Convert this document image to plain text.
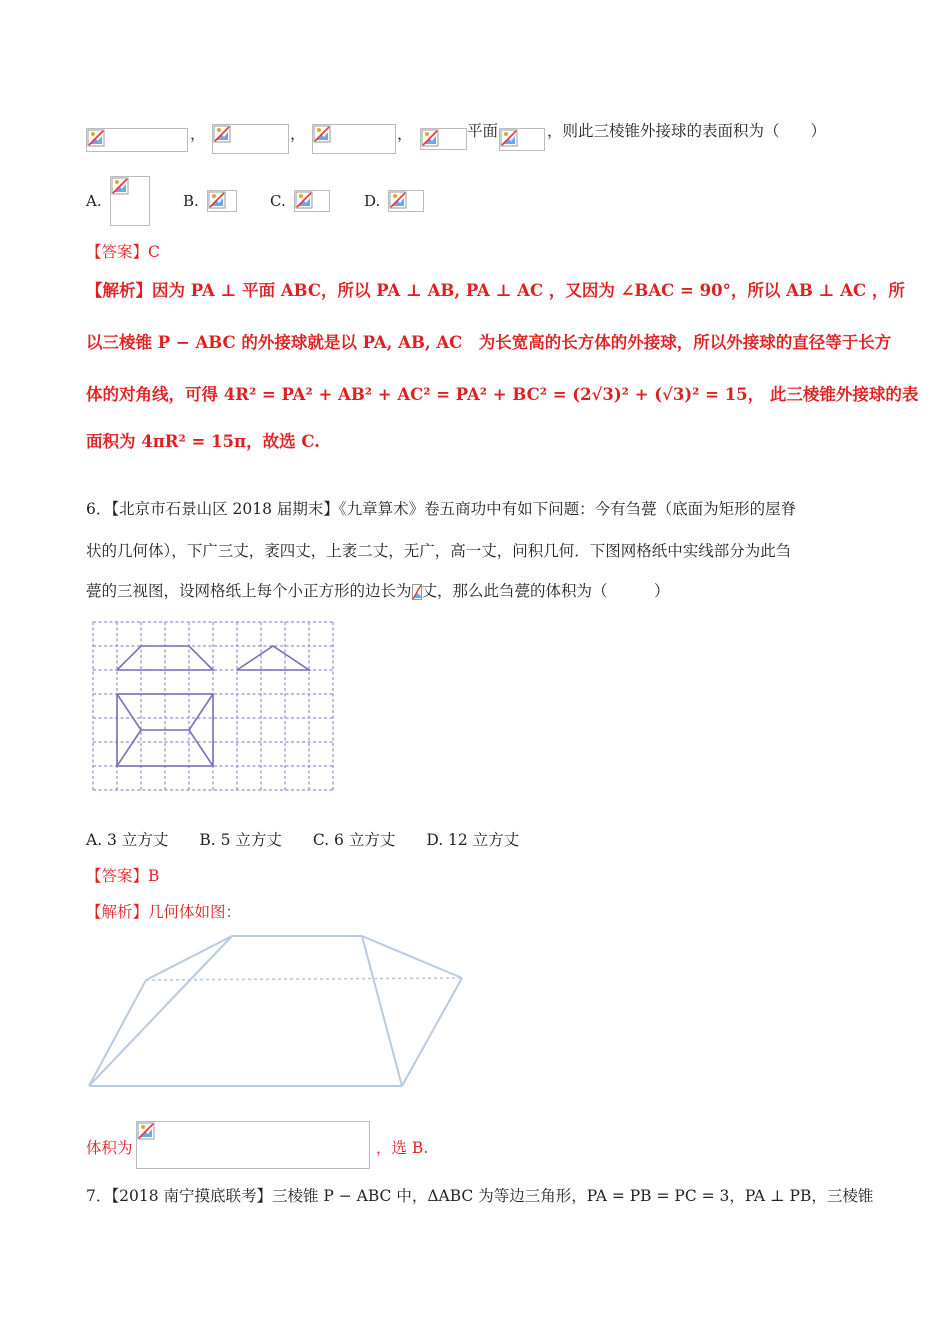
，	，	，	平面	，则此三棱锥外接球的表面积为（　　）
A.	B.	C.	D.
【答案】C
【解析】因为 PA ⊥ 平面 ABC，所以 PA ⊥ AB, PA ⊥ AC ，又因为 ∠BAC = 90°，所以 AB ⊥ AC ，所
以三棱锥 P − ABC 的外接球就是以 PA, AB, AC　为长宽高的长方体的外接球，所以外接球的直径等于长方
体的对角线，可得 4R² = PA² + AB² + AC² = PA² + BC² = (2√3)² + (√3)² = 15， 此三棱锥外接球的表
面积为 4πR² = 15π，故选 C.
6．【北京市石景山区 2018 届期末】《九章算术》卷五商功中有如下问题：今有刍甍（底面为矩形的屋脊
状的几何体），下广三丈，袤四丈，上袤二丈，无广，高一丈，问积几何．下图网格纸中实线部分为此刍
甍的三视图，设网格纸上每个小正方形的边长为 丈，那么此刍甍的体积为（　　　）
A. 3 立方丈　　B. 5 立方丈　　C. 6 立方丈　　D. 12 立方丈
【答案】B
【解析】几何体如图：
体积为	，选 B.
7．【2018 南宁摸底联考】三棱锥 P − ABC 中，ΔABC 为等边三角形，PA = PB = PC = 3，PA ⊥ PB，三棱锥
